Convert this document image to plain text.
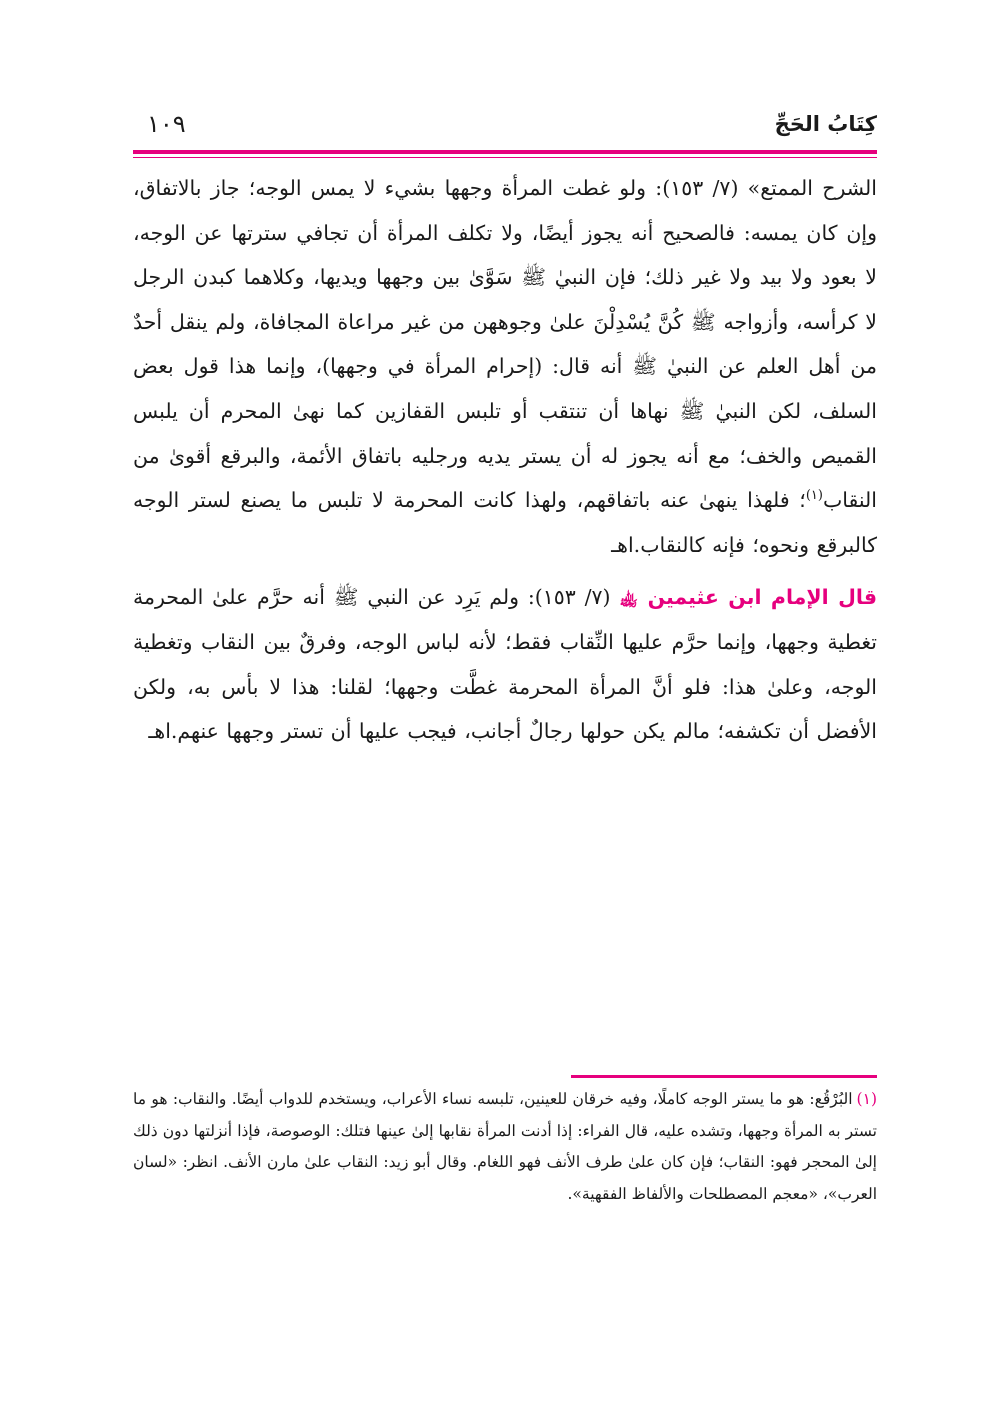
كِتَابُ الحَجِّ
١٠٩

الشرح الممتع» (٧/ ١٥٣): ولو غطت المرأة وجهها بشيء لا يمس الوجه؛ جاز بالاتفاق، وإن كان يمسه: فالصحيح أنه يجوز أيضًا، ولا تكلف المرأة أن تجافي سترتها عن الوجه، لا بعود ولا بيد ولا غير ذلك؛ فإن النبيٰ ﷺ سَوَّىٰ بين وجهها ويديها، وكلاهما كبدن الرجل لا كرأسه، وأزواجه ﷺ كُنَّ يُسْدِلْنَ علىٰ وجوههن من غير مراعاة المجافاة، ولم ينقل أحدٌ من أهل العلم عن النبيٰ ﷺ أنه قال: (إحرام المرأة في وجهها)، وإنما هذا قول بعض السلف، لكن النبيٰ ﷺ نهاها أن تنتقب أو تلبس القفازين كما نهىٰ المحرم أن يلبس القميص والخف؛ مع أنه يجوز له أن يستر يديه ورجليه باتفاق الأئمة، والبرقع أقوىٰ من النقاب$^{(١)}$؛ فلهذا ينهىٰ عنه باتفاقهم، ولهذا كانت المحرمة لا تلبس ما يصنع لستر الوجه كالبرقع ونحوه؛ فإنه كالنقاب.اهـ

قال الإمام ابن عثيمين ﵀ (٧/ ١٥٣): ولم يَرِد عن النبي ﷺ أنه حرَّم علىٰ المحرمة تغطية وجهها، وإنما حرَّم عليها النِّقاب فقط؛ لأنه لباس الوجه، وفرقٌ بين النقاب وتغطية الوجه، وعلىٰ هذا: فلو أنَّ المرأة المحرمة غطَّت وجهها؛ لقلنا: هذا لا بأس به، ولكن الأفضل أن تكشفه؛ مالم يكن حولها رجالٌ أجانب، فيجب عليها أن تستر وجهها عنهم.اهـ

(١)البُرْقُع: هو ما يستر الوجه كاملًا، وفيه خرقان للعينين، تلبسه نساء الأعراب، ويستخدم للدواب أيضًا. والنقاب: هو ما تستر به المرأة وجهها، وتشده عليه، قال الفراء: إذا أدنت المرأة نقابها إلىٰ عينها فتلك: الوصوصة، فإذا أنزلتها دون ذلك إلىٰ المحجر فهو: النقاب؛ فإن كان علىٰ طرف الأنف فهو اللغام. وقال أبو زيد: النقاب علىٰ مارن الأنف. انظر: «لسان العرب»، «معجم المصطلحات والألفاظ الفقهية».
